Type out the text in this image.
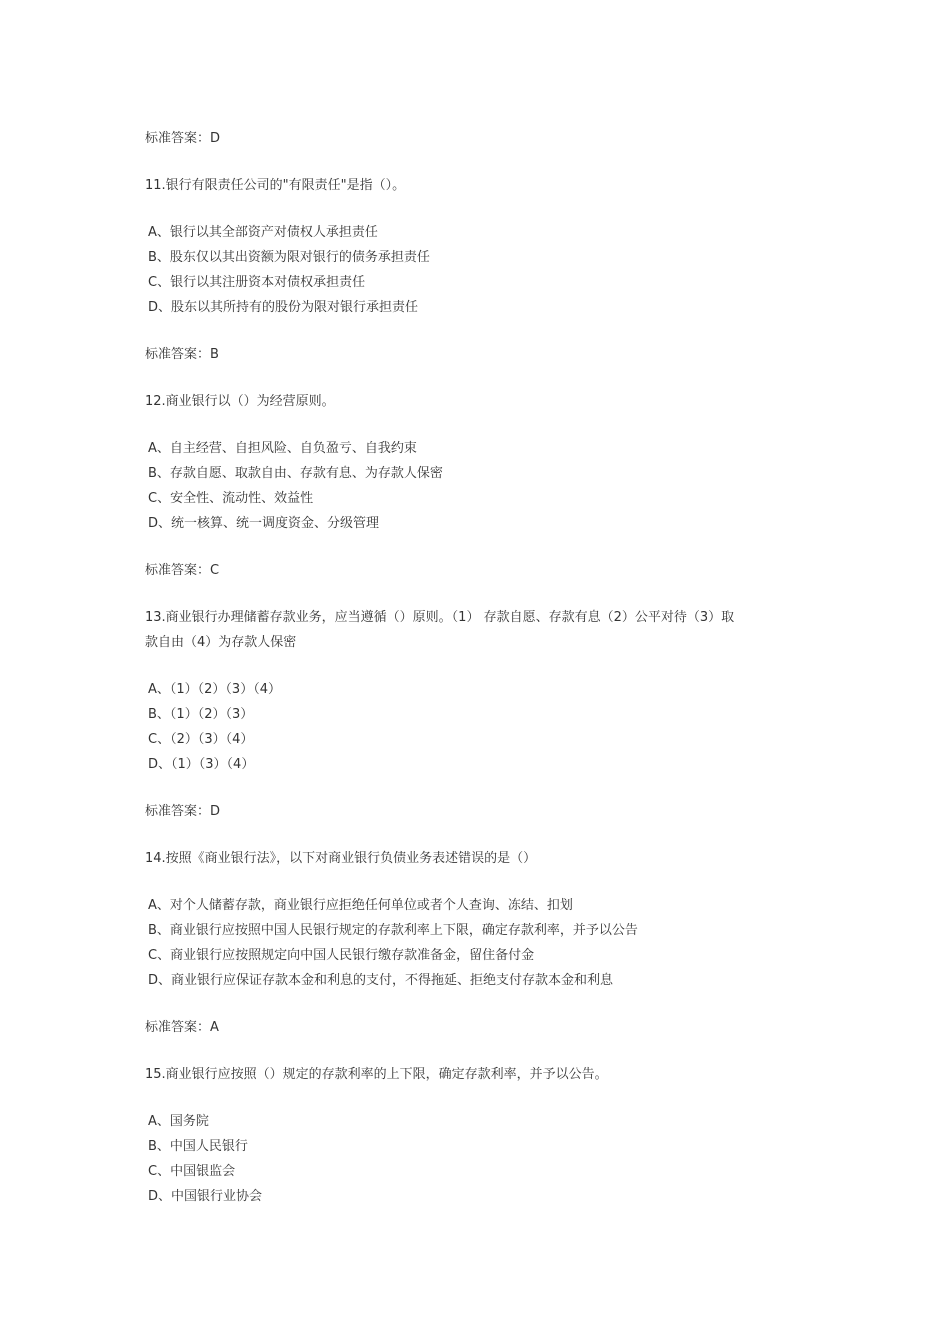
标准答案：D
11.银行有限责任公司的"有限责任"是指（）。
A、银行以其全部资产对债权人承担责任
B、股东仅以其出资额为限对银行的债务承担责任
C、银行以其注册资本对债权承担责任
D、股东以其所持有的股份为限对银行承担责任
标准答案：B
12.商业银行以（）为经营原则。
A、自主经营、自担风险、自负盈亏、自我约束
B、存款自愿、取款自由、存款有息、为存款人保密
C、安全性、流动性、效益性
D、统一核算、统一调度资金、分级管理
标准答案：C
13.商业银行办理储蓄存款业务，应当遵循（）原则。（1） 存款自愿、存款有息（2）公平对待（3）取
款自由（4）为存款人保密
A、（1）（2）（3）（4）
B、（1）（2）（3）
C、（2）（3）（4）
D、（1）（3）（4）
标准答案：D
14.按照《商业银行法》，以下对商业银行负债业务表述错误的是（）
A、对个人储蓄存款，商业银行应拒绝任何单位或者个人查询、冻结、扣划
B、商业银行应按照中国人民银行规定的存款利率上下限，确定存款利率，并予以公告
C、商业银行应按照规定向中国人民银行缴存款准备金，留住备付金
D、商业银行应保证存款本金和利息的支付，不得拖延、拒绝支付存款本金和利息
标准答案：A
15.商业银行应按照（）规定的存款利率的上下限，确定存款利率，并予以公告。
A、国务院
B、中国人民银行
C、中国银监会
D、中国银行业协会
